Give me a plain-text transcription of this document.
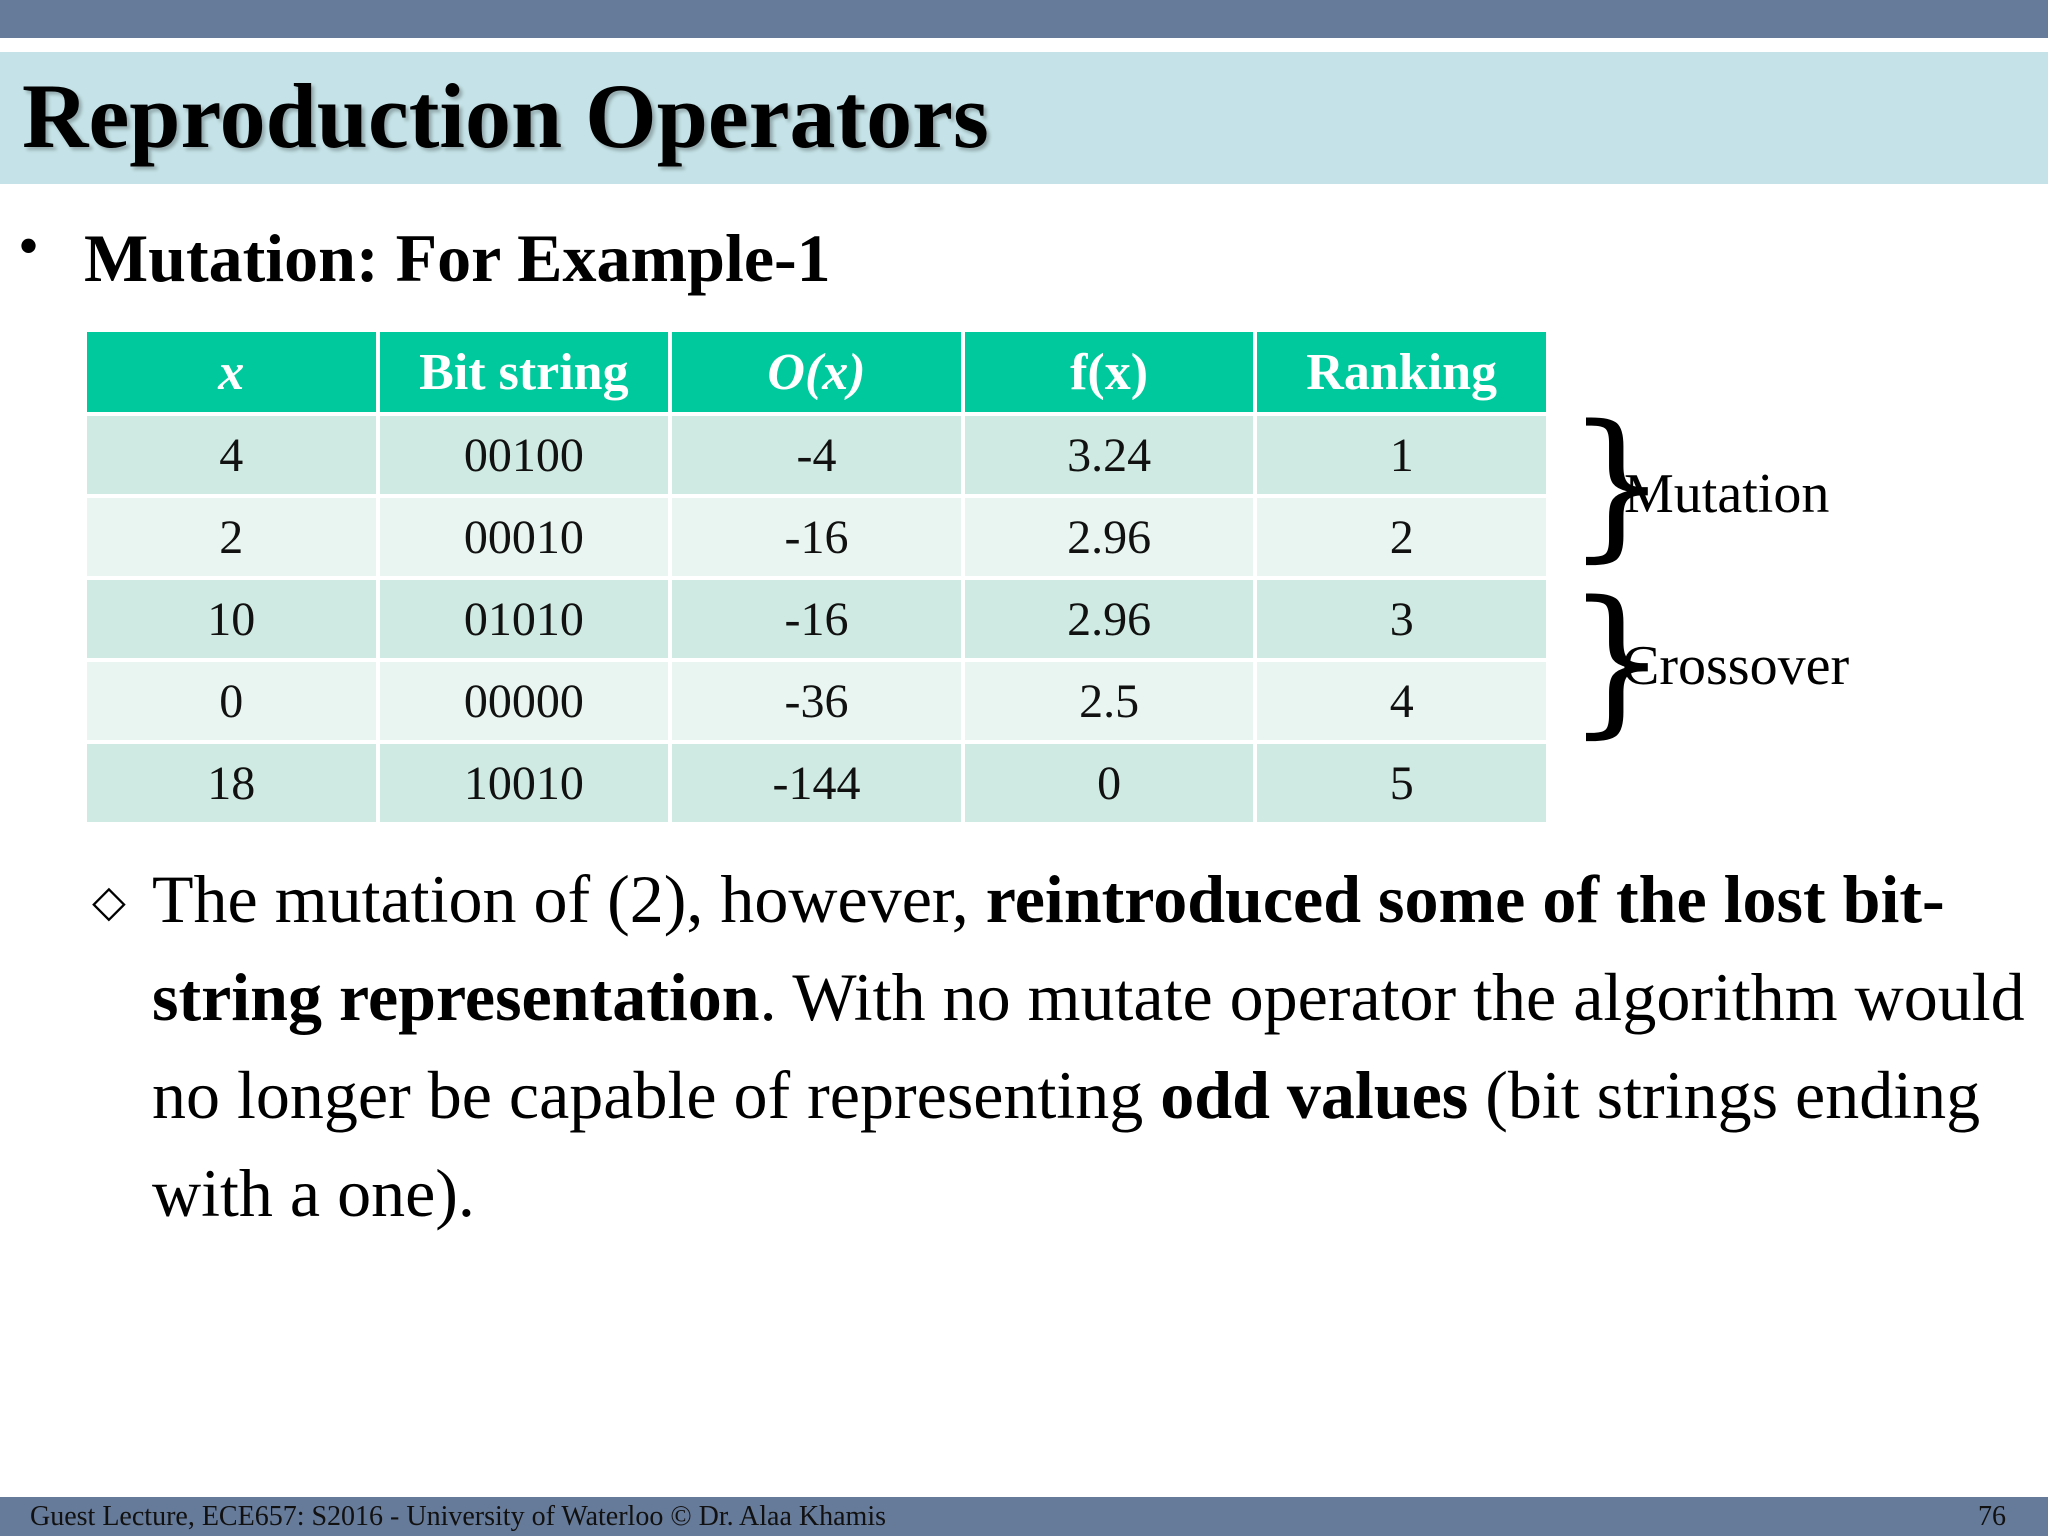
Reproduction Operators
• Mutation: For Example-1
x	Bit string	O(x)	f(x)	Ranking
4	00100	-4	3.24	1
2	00010	-16	2.96	2
10	01010	-16	2.96	3
0	00000	-36	2.5	4
18	10010	-144	0	5
}
Mutation
}
Crossover
◇ The mutation of (2), however, reintroduced some of the lost bit-string representation. With no mutate operator the algorithm would no longer be capable of representing odd values (bit strings ending with a one).
Guest Lecture, ECE657: S2016 - University of Waterloo © Dr. Alaa Khamis	76
